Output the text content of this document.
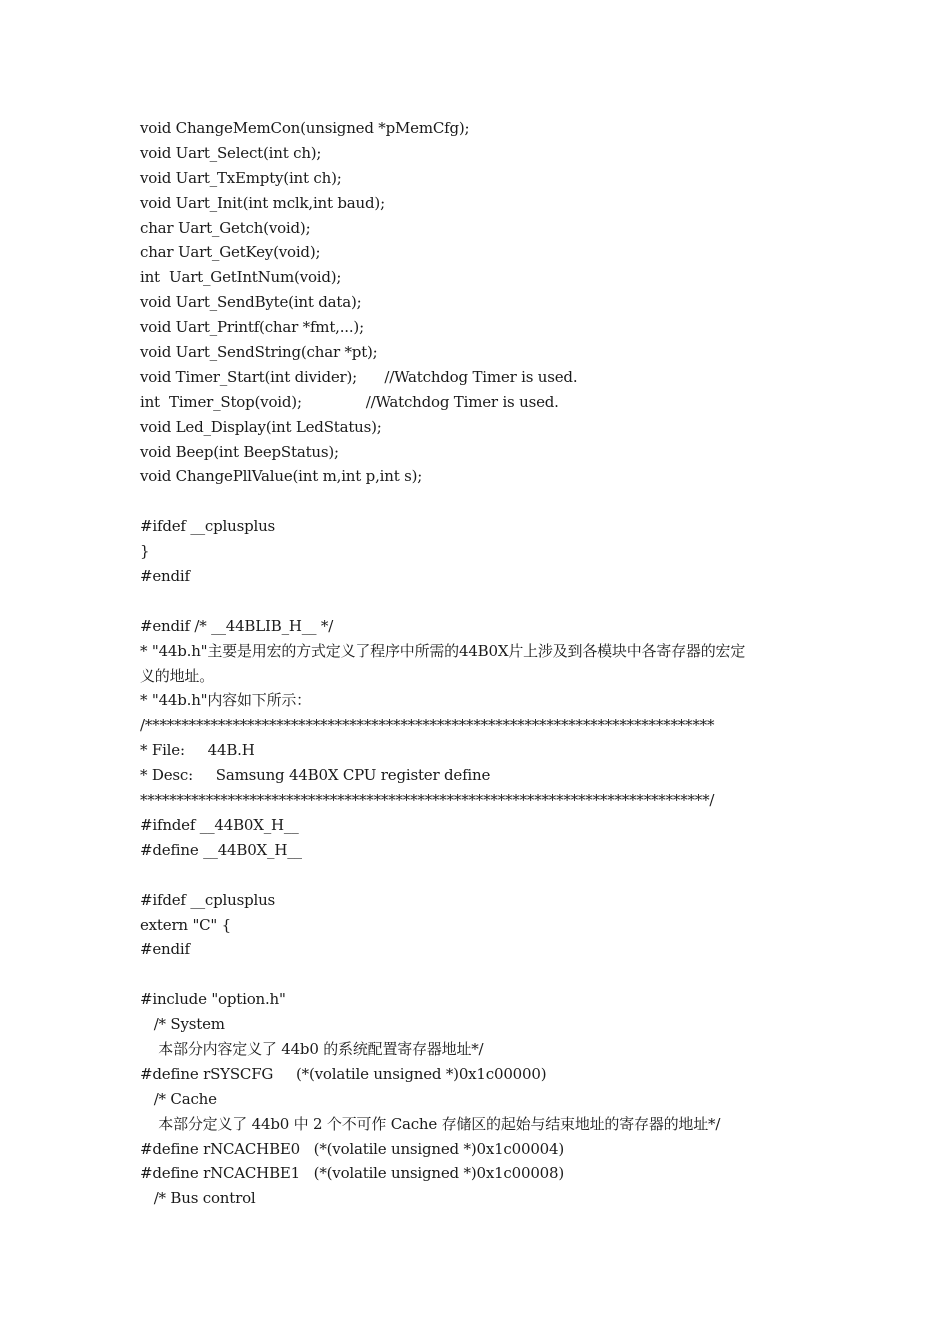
void ChangeMemCon(unsigned *pMemCfg);
void Uart_Select(int ch);
void Uart_TxEmpty(int ch);
void Uart_Init(int mclk,int baud);
char Uart_Getch(void);
char Uart_GetKey(void);
int  Uart_GetIntNum(void);
void Uart_SendByte(int data);
void Uart_Printf(char *fmt,...);
void Uart_SendString(char *pt);
void Timer_Start(int divider);      //Watchdog Timer is used.
int  Timer_Stop(void);              //Watchdog Timer is used.
void Led_Display(int LedStatus);
void Beep(int BeepStatus);
void ChangePllValue(int m,int p,int s);
#ifdef __cplusplus
}
#endif
#endif /* __44BLIB_H__ */
* "44b.h"主要是用宏的方式定义了程序中所需的44B0X片上涉及到各模块中各寄存器的宏定
义的地址。
* "44b.h"内容如下所示：
/******************************************************************************
* File:     44B.H
* Desc:     Samsung 44B0X CPU register define
******************************************************************************/
#ifndef __44B0X_H__
#define __44B0X_H__
#ifdef __cplusplus
extern "C" {
#endif
#include "option.h"
/* System
本部分内容定义了 44b0 的系统配置寄存器地址*/
#define rSYSCFG     (*(volatile unsigned *)0x1c00000)
/* Cache
本部分定义了 44b0 中 2 个不可作 Cache 存储区的起始与结束地址的寄存器的地址*/
#define rNCACHBE0   (*(volatile unsigned *)0x1c00004)
#define rNCACHBE1   (*(volatile unsigned *)0x1c00008)
/* Bus control
